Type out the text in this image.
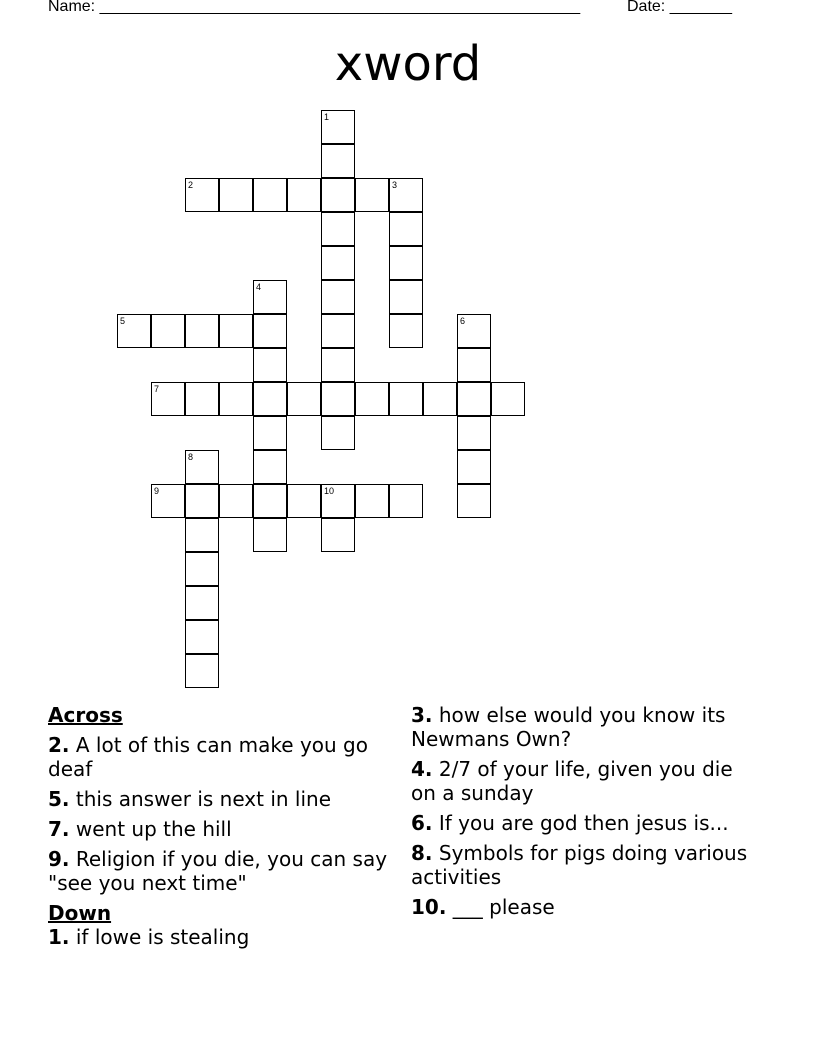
Name: ______________________________________________________	Date: _______
xword
1
2	3
4
5	6
7
8
9	10

Across

2. A lot of this can make you go deaf

5. this answer is next in line

7. went up the hill

9. Religion if you die, you can say "see you next time"

Down

1. if lowe is stealing

3. how else would you know its Newmans Own?

4. 2/7 of your life, given you die on a sunday

6. If you are god then jesus is...

8. Symbols for pigs doing various activities

10. ___ please
